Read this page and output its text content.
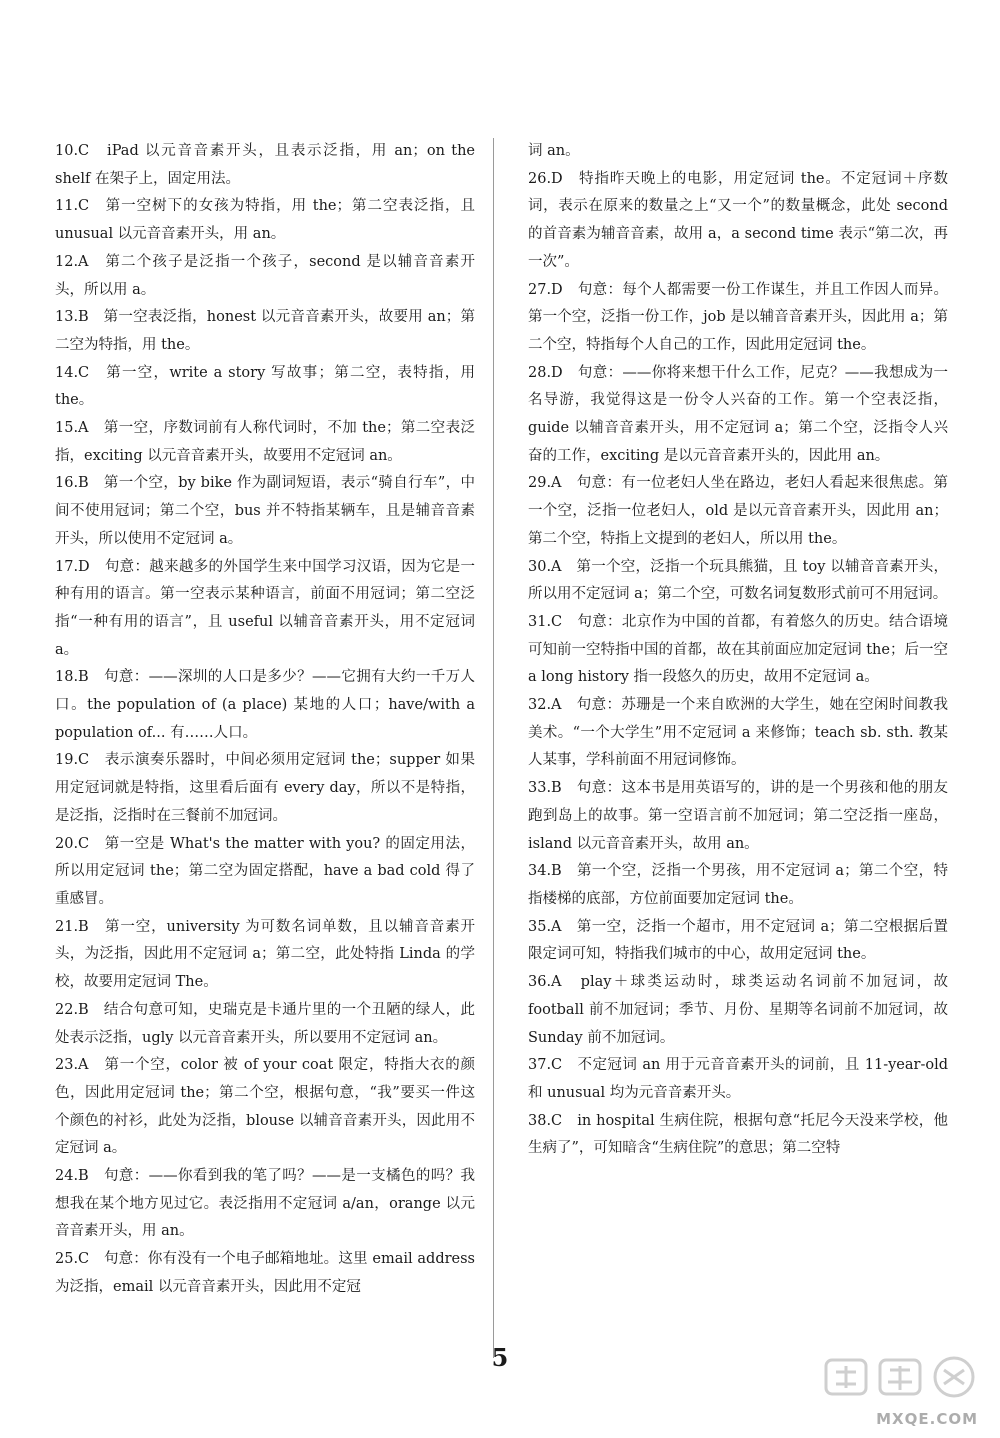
10.C　iPad 以元音音素开头，且表示泛指，用 an；on the shelf 在架子上，固定用法。

11.C　第一空树下的女孩为特指，用 the；第二空表泛指，且 unusual 以元音音素开头，用 an。

12.A　第二个孩子是泛指一个孩子，second 是以辅音音素开头，所以用 a。

13.B　第一空表泛指，honest 以元音音素开头，故要用 an；第二空为特指，用 the。

14.C　第一空，write a story 写故事；第二空，表特指，用 the。

15.A　第一空，序数词前有人称代词时，不加 the；第二空表泛指，exciting 以元音音素开头，故要用不定冠词 an。

16.B　第一个空，by bike 作为副词短语，表示“骑自行车”，中间不使用冠词；第二个空，bus 并不特指某辆车，且是辅音音素开头，所以使用不定冠词 a。

17.D　句意：越来越多的外国学生来中国学习汉语，因为它是一种有用的语言。第一空表示某种语言，前面不用冠词；第二空泛指“一种有用的语言”，且 useful 以辅音音素开头，用不定冠词 a。

18.B　句意：——深圳的人口是多少？——它拥有大约一千万人口。the population of (a place) 某地的人口；have/with a population of... 有……人口。

19.C　表示演奏乐器时，中间必须用定冠词 the；supper 如果用定冠词就是特指，这里看后面有 every day，所以不是特指，是泛指，泛指时在三餐前不加冠词。

20.C　第一空是 What's the matter with you? 的固定用法，所以用定冠词 the；第二空为固定搭配，have a bad cold 得了重感冒。

21.B　第一空，university 为可数名词单数，且以辅音音素开头，为泛指，因此用不定冠词 a；第二空，此处特指 Linda 的学校，故要用定冠词 The。

22.B　结合句意可知，史瑞克是卡通片里的一个丑陋的绿人，此处表示泛指，ugly 以元音音素开头，所以要用不定冠词 an。

23.A　第一个空，color 被 of your coat 限定，特指大衣的颜色，因此用定冠词 the；第二个空，根据句意，“我”要买一件这个颜色的衬衫，此处为泛指，blouse 以辅音音素开头，因此用不定冠词 a。

24.B　句意：——你看到我的笔了吗？——是一支橘色的吗？我想我在某个地方见过它。表泛指用不定冠词 a/an，orange 以元音音素开头，用 an。

25.C　句意：你有没有一个电子邮箱地址。这里 email address 为泛指，email 以元音音素开头，因此用不定冠

词 an。

26.D　特指昨天晚上的电影，用定冠词 the。不定冠词＋序数词，表示在原来的数量之上“又一个”的数量概念，此处 second 的首音素为辅音音素，故用 a，a second time 表示“第二次，再一次”。

27.D　句意：每个人都需要一份工作谋生，并且工作因人而异。第一个空，泛指一份工作，job 是以辅音音素开头，因此用 a；第二个空，特指每个人自己的工作，因此用定冠词 the。

28.D　句意：——你将来想干什么工作，尼克？——我想成为一名导游，我觉得这是一份令人兴奋的工作。第一个空表泛指，guide 以辅音音素开头，用不定冠词 a；第二个空，泛指令人兴奋的工作，exciting 是以元音音素开头的，因此用 an。

29.A　句意：有一位老妇人坐在路边，老妇人看起来很焦虑。第一个空，泛指一位老妇人，old 是以元音音素开头，因此用 an；第二个空，特指上文提到的老妇人，所以用 the。

30.A　第一个空，泛指一个玩具熊猫，且 toy 以辅音音素开头，所以用不定冠词 a；第二个空，可数名词复数形式前可不用冠词。

31.C　句意：北京作为中国的首都，有着悠久的历史。结合语境可知前一空特指中国的首都，故在其前面应加定冠词 the；后一空 a long history 指一段悠久的历史，故用不定冠词 a。

32.A　句意：苏珊是一个来自欧洲的大学生，她在空闲时间教我美术。“一个大学生”用不定冠词 a 来修饰；teach sb. sth. 教某人某事，学科前面不用冠词修饰。

33.B　句意：这本书是用英语写的，讲的是一个男孩和他的朋友跑到岛上的故事。第一空语言前不加冠词；第二空泛指一座岛，island 以元音音素开头，故用 an。

34.B　第一个空，泛指一个男孩，用不定冠词 a；第二个空，特指楼梯的底部，方位前面要加定冠词 the。

35.A　第一空，泛指一个超市，用不定冠词 a；第二空根据后置限定词可知，特指我们城市的中心，故用定冠词 the。

36.A　play＋球类运动时，球类运动名词前不加冠词，故 football 前不加冠词；季节、月份、星期等名词前不加冠词，故 Sunday 前不加冠词。

37.C　不定冠词 an 用于元音音素开头的词前，且 11-year-old 和 unusual 均为元音音素开头。

38.C　in hospital 生病住院，根据句意“托尼今天没来学校，他生病了”，可知暗含“生病住院”的意思；第二空特

5
MXQE.COM
